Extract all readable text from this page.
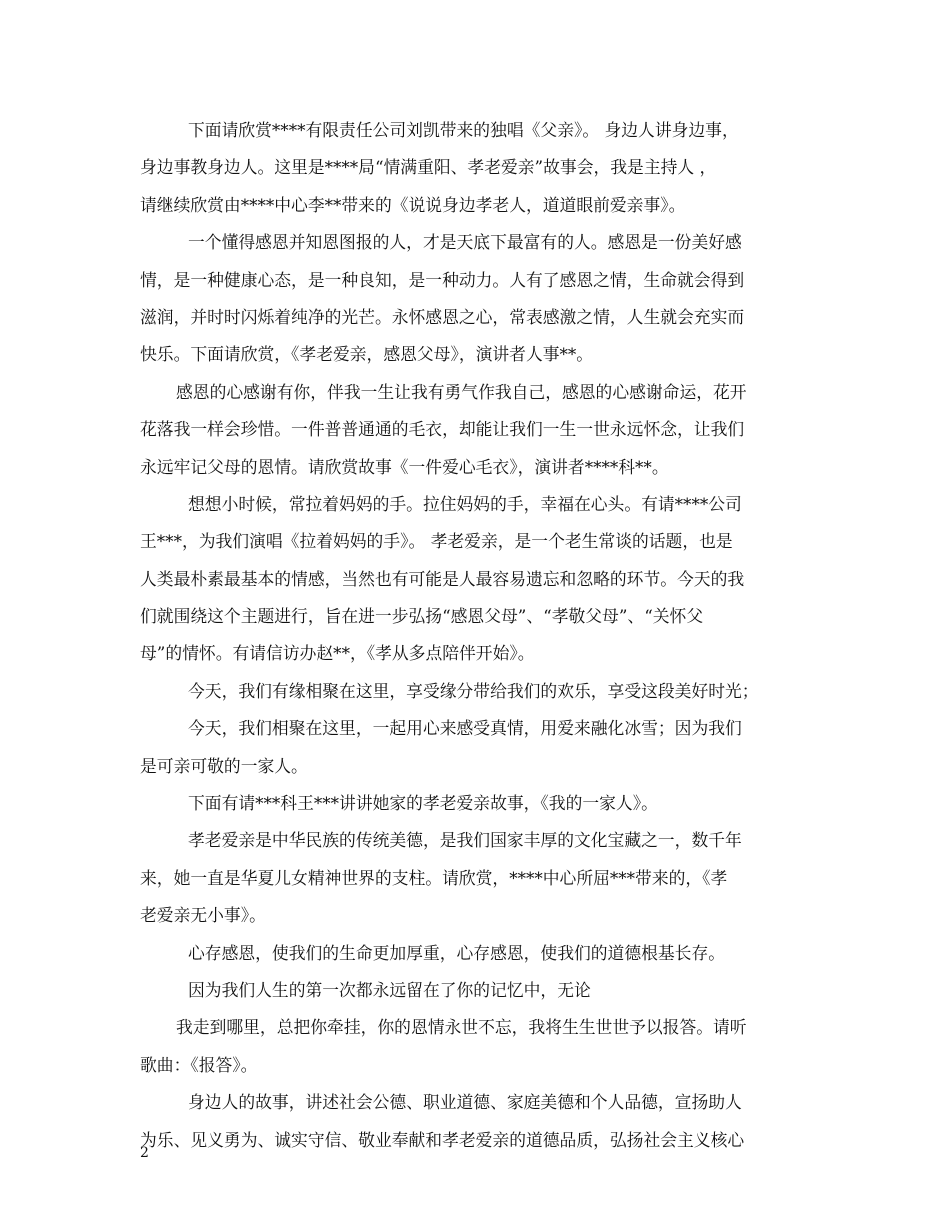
下面请欣赏****有限责任公司刘凯带来的独唱《父亲》。 身边人讲身边事，
身边事教身边人。这里是****局“情满重阳、孝老爱亲”故事会，我是主持人 ，
请继续欣赏由****中心李**带来的《说说身边孝老人，道道眼前爱亲事》。
一个懂得感恩并知恩图报的人，才是天底下最富有的人。感恩是一份美好感
情，是一种健康心态，是一种良知，是一种动力。人有了感恩之情，生命就会得到
滋润，并时时闪烁着纯净的光芒。永怀感恩之心，常表感激之情，人生就会充实而
快乐。下面请欣赏，《孝老爱亲，感恩父母》，演讲者人事**。
感恩的心感谢有你，伴我一生让我有勇气作我自己，感恩的心感谢命运，花开
花落我一样会珍惜。一件普普通通的毛衣，却能让我们一生一世永远怀念，让我们
永远牢记父母的恩情。请欣赏故事《一件爱心毛衣》，演讲者****科**。
想想小时候，常拉着妈妈的手。拉住妈妈的手，幸福在心头。有请****公司
王***，为我们演唱《拉着妈妈的手》。 孝老爱亲，是一个老生常谈的话题，也是
人类最朴素最基本的情感，当然也有可能是人最容易遗忘和忽略的环节。今天的我
们就围绕这个主题进行，旨在进一步弘扬“感恩父母”、“孝敬父母”、“关怀父
母”的情怀。有请信访办赵**，《孝从多点陪伴开始》。
今天，我们有缘相聚在这里，享受缘分带给我们的欢乐，享受这段美好时光；
今天，我们相聚在这里，一起用心来感受真情，用爱来融化冰雪；因为我们
是可亲可敬的一家人。
下面有请***科王***讲讲她家的孝老爱亲故事，《我的一家人》。
孝老爱亲是中华民族的传统美德，是我们国家丰厚的文化宝藏之一，数千年
来，她一直是华夏儿女精神世界的支柱。请欣赏，****中心所屈***带来的，《孝
老爱亲无小事》。
心存感恩，使我们的生命更加厚重，心存感恩，使我们的道德根基长存。
因为我们人生的第一次都永远留在了你的记忆中，无论
我走到哪里，总把你牵挂，你的恩情永世不忘，我将生生世世予以报答。请听
歌曲：《报答》。
身边人的故事，讲述社会公德、职业道德、家庭美德和个人品德，宣扬助人
为乐、见义勇为、诚实守信、敬业奉献和孝老爱亲的道德品质，弘扬社会主义核心
2
